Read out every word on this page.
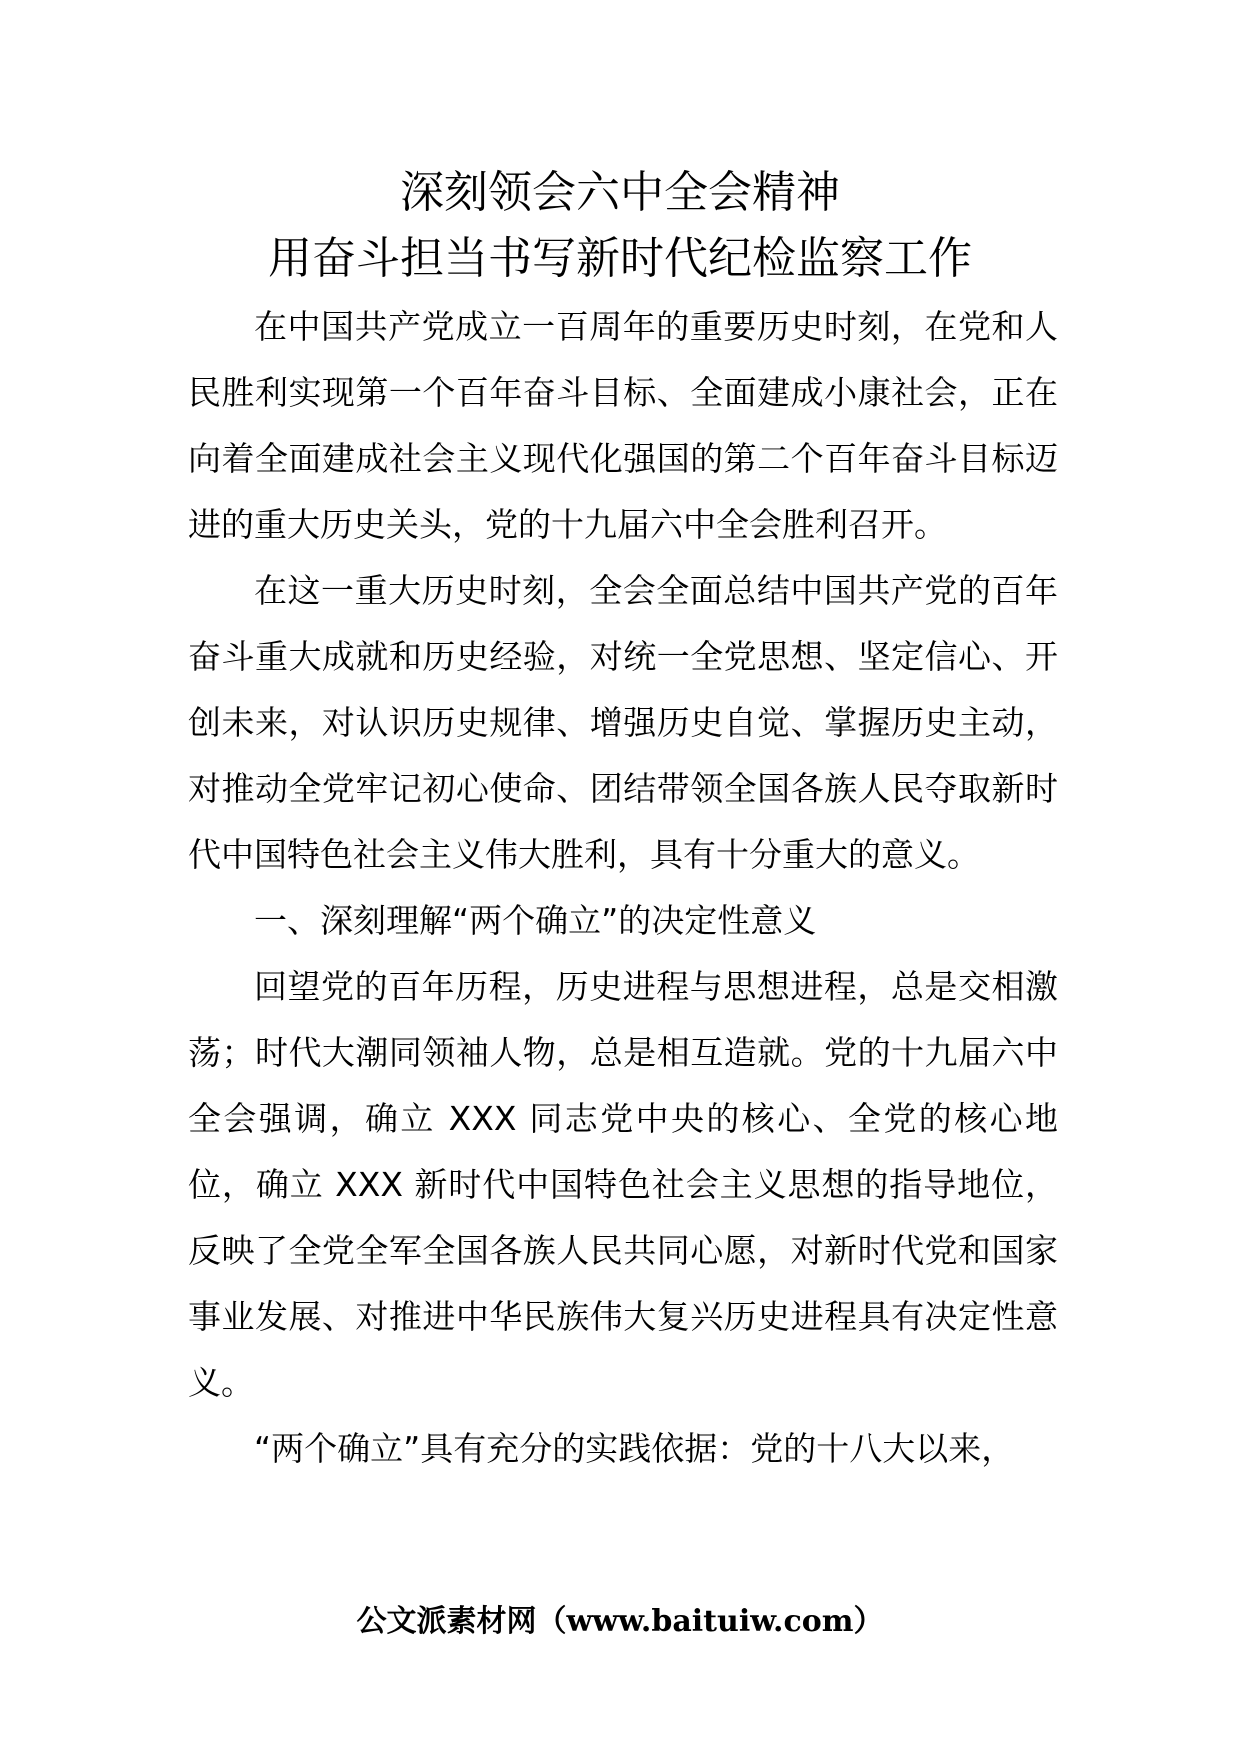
深刻领会六中全会精神
用奋斗担当书写新时代纪检监察工作

在中国共产党成立一百周年的重要历史时刻，在党和人民胜利实现第一个百年奋斗目标、全面建成小康社会，正在向着全面建成社会主义现代化强国的第二个百年奋斗目标迈进的重大历史关头，党的十九届六中全会胜利召开。

在这一重大历史时刻，全会全面总结中国共产党的百年奋斗重大成就和历史经验，对统一全党思想、坚定信心、开创未来，对认识历史规律、增强历史自觉、掌握历史主动，对推动全党牢记初心使命、团结带领全国各族人民夺取新时代中国特色社会主义伟大胜利，具有十分重大的意义。

一、深刻理解“两个确立”的决定性意义

回望党的百年历程，历史进程与思想进程，总是交相激荡；时代大潮同领袖人物，总是相互造就。党的十九届六中全会强调，确立 XXX 同志党中央的核心、全党的核心地位，确立 XXX 新时代中国特色社会主义思想的指导地位，反映了全党全军全国各族人民共同心愿，对新时代党和国家事业发展、对推进中华民族伟大复兴历史进程具有决定性意义。

“两个确立”具有充分的实践依据：党的十八大以来，

公文派素材网（www.baituiw.com）
